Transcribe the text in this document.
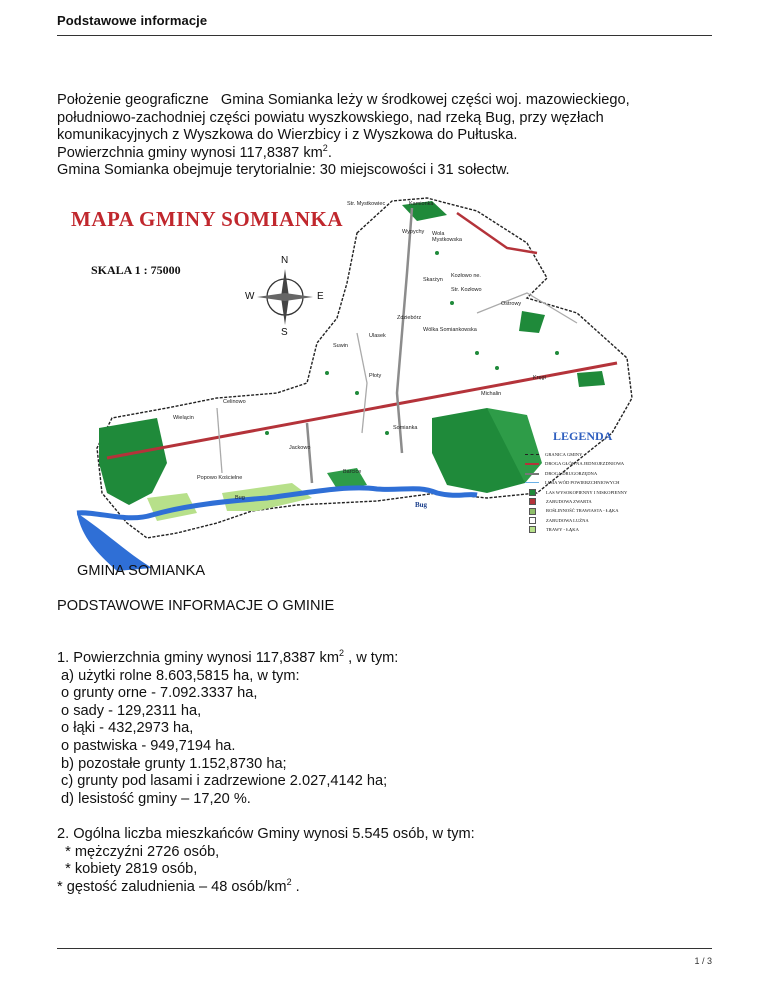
Podstawowe informacje
Położenie geograficzne   Gmina Somianka leży w środkowej części woj. mazowieckiego,
południowo-zachodniej części powiatu wyszkowskiego, nad rzeką Bug, przy węzłach
komunikacyjnych z Wyszkowa do Wierzbicy i z Wyszkowa do Pułtuska.
Powierzchnia gminy wynosi 117,8387 $km^2$.
Gmina Somianka obejmuje terytorialnie: 30 miejscowości i 31 sołectw.
MAPA GMINY SOMIANKA
SKALA 1 : 75000
N
S
W	E
Str. Mystkowiec	Kamionka
Wypychy Wola Mystkowska
Skarżyn
Kozłowo ne.
Str. Kozłowo
Ostrowy
Zdziebórz
Wólka Somiankowska
Ulasek
Suwin
Płoty	Kręgi
Michalin
Celinowo
Wielącin
Jackowo
Somianka
Popowo Kościelne
Barcice
Bug
Bug
LEGENDA
GRANICA GMINY
DROGA GŁÓWNA JEDNOJEZDNIOWA
DROGA DRUGORZĘDNA
LINIA WÓD POWIERZCHNIOWYCH
LAS WYSOKOPIENNY I NISKOPIENNY
ZABUDOWA ZWARTA
ROŚLINNOŚĆ TRAWIASTA - ŁĄKA
ZABUDOWA LUŹNA
TRAWY - ŁĄKA
GMINA SOMIANKA
PODSTAWOWE INFORMACJE O GMINIE
1. Powierzchnia gminy wynosi 117,8387 $km^2$ , w tym:
a) użytki rolne 8.603,5815 ha, w tym:
o grunty orne - 7.092.3337 ha,
o sady - 129,2311 ha,
o łąki - 432,2973 ha,
o pastwiska - 949,7194 ha.
b) pozostałe grunty 1.152,8730 ha;
c) grunty pod lasami i zadrzewione 2.027,4142 ha;
d) lesistość gminy – 17,20 %.
2. Ogólna liczba mieszkańców Gminy wynosi 5.545 osób, w tym:
* mężczyźni 2726 osób,
* kobiety 2819 osób,
* gęstość zaludnienia – 48 osób/$km^2$ .
1 / 3
